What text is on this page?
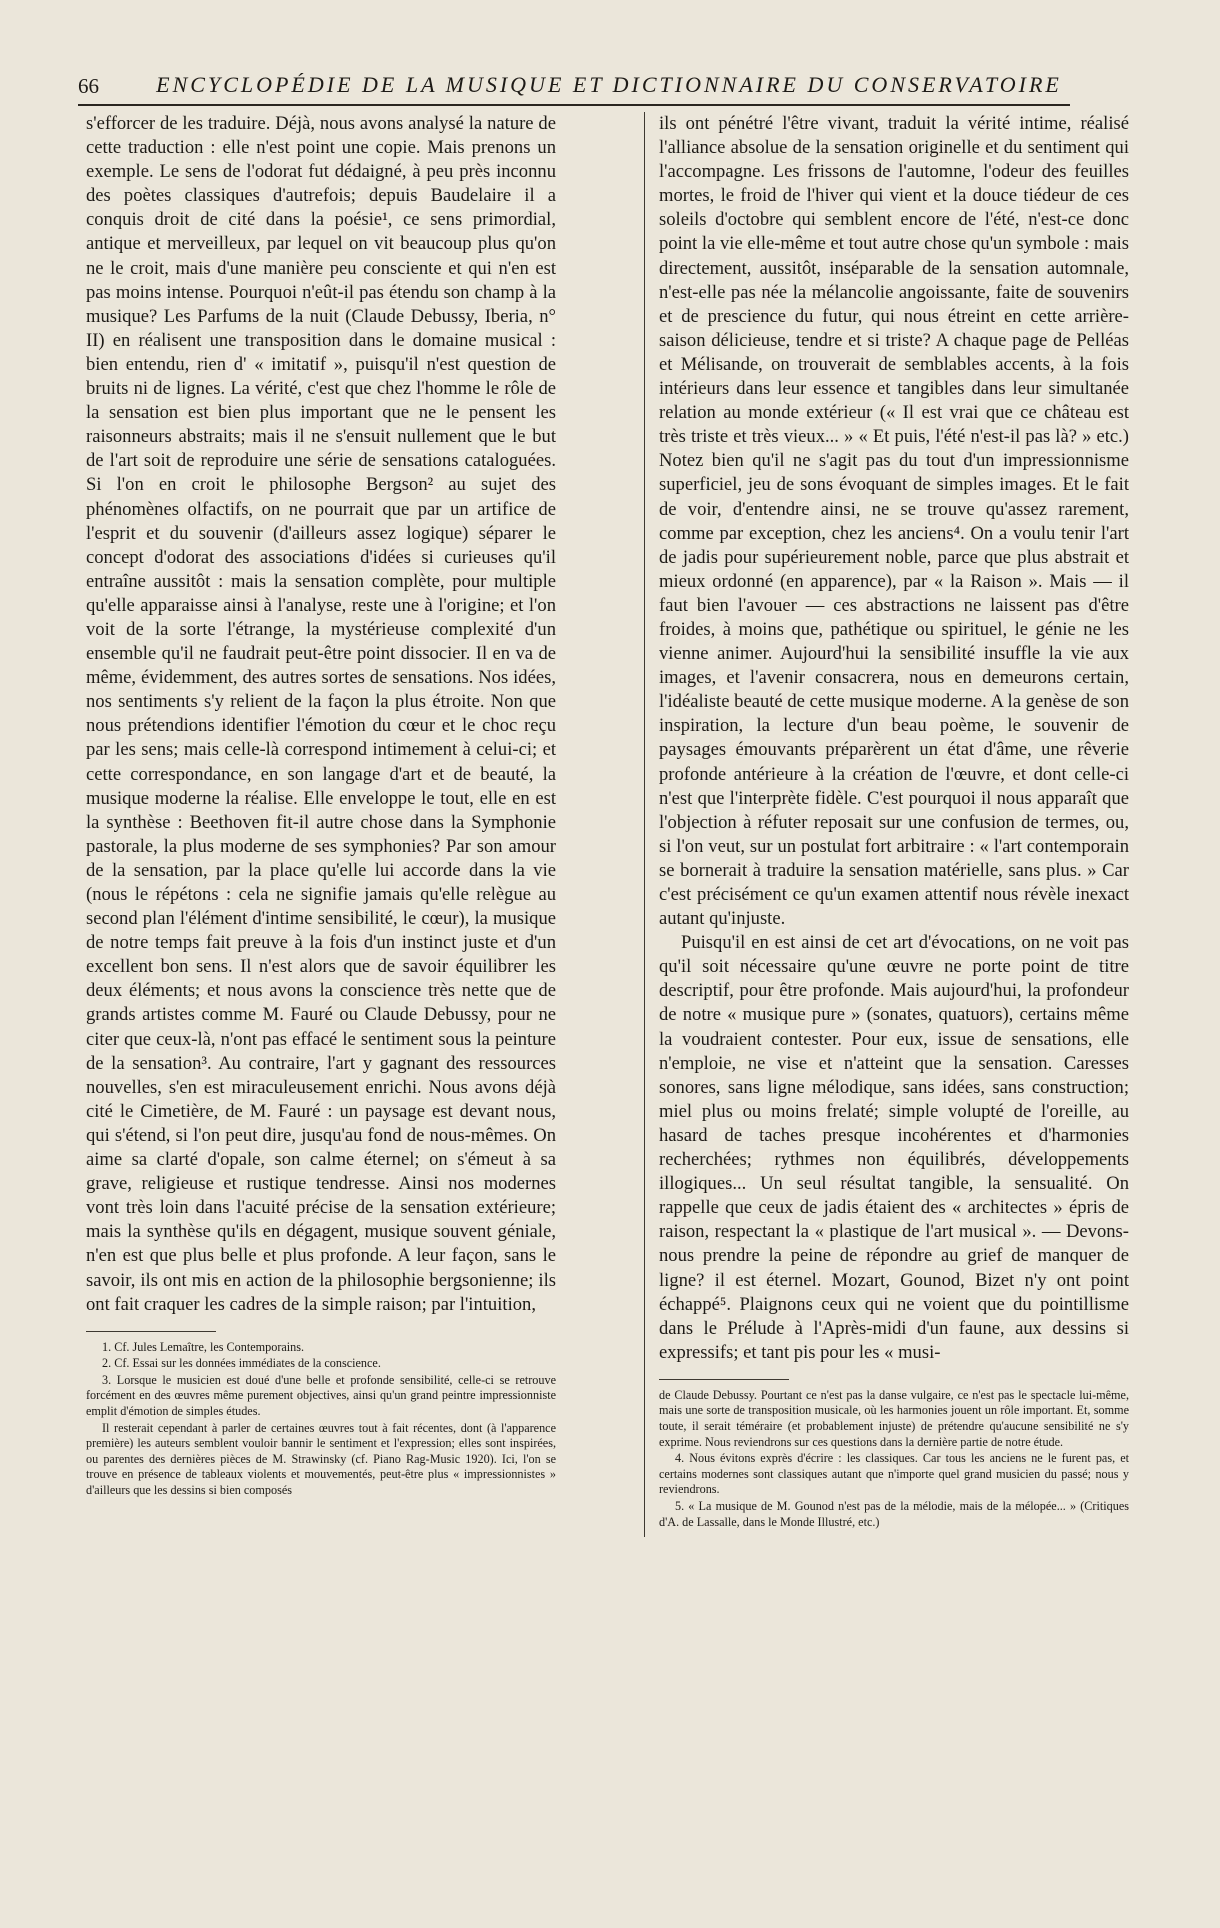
66	ENCYCLOPÉDIE DE LA MUSIQUE ET DICTIONNAIRE DU CONSERVATOIRE

s'efforcer de les traduire. Déjà, nous avons analysé la nature de cette traduction : elle n'est point une copie. Mais prenons un exemple. Le sens de l'odorat fut dédaigné, à peu près inconnu des poètes classiques d'autrefois; depuis Baudelaire il a conquis droit de cité dans la poésie¹, ce sens primordial, antique et merveilleux, par lequel on vit beaucoup plus qu'on ne le croit, mais d'une manière peu consciente et qui n'en est pas moins intense. Pourquoi n'eût-il pas étendu son champ à la musique? Les Parfums de la nuit (Claude Debussy, Iberia, n° II) en réalisent une transposition dans le domaine musical : bien entendu, rien d' « imitatif », puisqu'il n'est question de bruits ni de lignes. La vérité, c'est que chez l'homme le rôle de la sensation est bien plus important que ne le pensent les raisonneurs abstraits; mais il ne s'ensuit nullement que le but de l'art soit de reproduire une série de sensations cataloguées. Si l'on en croit le philosophe Bergson² au sujet des phénomènes olfactifs, on ne pourrait que par un artifice de l'esprit et du souvenir (d'ailleurs assez logique) séparer le concept d'odorat des associations d'idées si curieuses qu'il entraîne aussitôt : mais la sensation complète, pour multiple qu'elle apparaisse ainsi à l'analyse, reste une à l'origine; et l'on voit de la sorte l'étrange, la mystérieuse complexité d'un ensemble qu'il ne faudrait peut-être point dissocier. Il en va de même, évidemment, des autres sortes de sensations. Nos idées, nos sentiments s'y relient de la façon la plus étroite. Non que nous prétendions identifier l'émotion du cœur et le choc reçu par les sens; mais celle-là correspond intimement à celui-ci; et cette correspondance, en son langage d'art et de beauté, la musique moderne la réalise. Elle enveloppe le tout, elle en est la synthèse : Beethoven fit-il autre chose dans la Symphonie pastorale, la plus moderne de ses symphonies? Par son amour de la sensation, par la place qu'elle lui accorde dans la vie (nous le répétons : cela ne signifie jamais qu'elle relègue au second plan l'élément d'intime sensibilité, le cœur), la musique de notre temps fait preuve à la fois d'un instinct juste et d'un excellent bon sens. Il n'est alors que de savoir équilibrer les deux éléments; et nous avons la conscience très nette que de grands artistes comme M. Fauré ou Claude Debussy, pour ne citer que ceux-là, n'ont pas effacé le sentiment sous la peinture de la sensation³. Au contraire, l'art y gagnant des ressources nouvelles, s'en est miraculeusement enrichi. Nous avons déjà cité le Cimetière, de M. Fauré : un paysage est devant nous, qui s'étend, si l'on peut dire, jusqu'au fond de nous-mêmes. On aime sa clarté d'opale, son calme éternel; on s'émeut à sa grave, religieuse et rustique tendresse. Ainsi nos modernes vont très loin dans l'acuité précise de la sensation extérieure; mais la synthèse qu'ils en dégagent, musique souvent géniale, n'en est que plus belle et plus profonde. A leur façon, sans le savoir, ils ont mis en action de la philosophie bergsonienne; ils ont fait craquer les cadres de la simple raison; par l'intuition,

1. Cf. Jules Lemaître, les Contemporains.

2. Cf. Essai sur les données immédiates de la conscience.

3. Lorsque le musicien est doué d'une belle et profonde sensibilité, celle-ci se retrouve forcément en des œuvres même purement objectives, ainsi qu'un grand peintre impressionniste emplit d'émotion de simples études.

Il resterait cependant à parler de certaines œuvres tout à fait récentes, dont (à l'apparence première) les auteurs semblent vouloir bannir le sentiment et l'expression; elles sont inspirées, ou parentes des dernières pièces de M. Strawinsky (cf. Piano Rag-Music 1920). Ici, l'on se trouve en présence de tableaux violents et mouvementés, peut-être plus « impressionnistes » d'ailleurs que les dessins si bien composés

ils ont pénétré l'être vivant, traduit la vérité intime, réalisé l'alliance absolue de la sensation originelle et du sentiment qui l'accompagne. Les frissons de l'automne, l'odeur des feuilles mortes, le froid de l'hiver qui vient et la douce tiédeur de ces soleils d'octobre qui semblent encore de l'été, n'est-ce donc point la vie elle-même et tout autre chose qu'un symbole : mais directement, aussitôt, inséparable de la sensation automnale, n'est-elle pas née la mélancolie angoissante, faite de souvenirs et de prescience du futur, qui nous étreint en cette arrière-saison délicieuse, tendre et si triste? A chaque page de Pelléas et Mélisande, on trouverait de semblables accents, à la fois intérieurs dans leur essence et tangibles dans leur simultanée relation au monde extérieur (« Il est vrai que ce château est très triste et très vieux... » « Et puis, l'été n'est-il pas là? » etc.) Notez bien qu'il ne s'agit pas du tout d'un impressionnisme superficiel, jeu de sons évoquant de simples images. Et le fait de voir, d'entendre ainsi, ne se trouve qu'assez rarement, comme par exception, chez les anciens⁴. On a voulu tenir l'art de jadis pour supérieurement noble, parce que plus abstrait et mieux ordonné (en apparence), par « la Raison ». Mais — il faut bien l'avouer — ces abstractions ne laissent pas d'être froides, à moins que, pathétique ou spirituel, le génie ne les vienne animer. Aujourd'hui la sensibilité insuffle la vie aux images, et l'avenir consacrera, nous en demeurons certain, l'idéaliste beauté de cette musique moderne. A la genèse de son inspiration, la lecture d'un beau poème, le souvenir de paysages émouvants préparèrent un état d'âme, une rêverie profonde antérieure à la création de l'œuvre, et dont celle-ci n'est que l'interprète fidèle. C'est pourquoi il nous apparaît que l'objection à réfuter reposait sur une confusion de termes, ou, si l'on veut, sur un postulat fort arbitraire : « l'art contemporain se bornerait à traduire la sensation matérielle, sans plus. » Car c'est précisément ce qu'un examen attentif nous révèle inexact autant qu'injuste.

Puisqu'il en est ainsi de cet art d'évocations, on ne voit pas qu'il soit nécessaire qu'une œuvre ne porte point de titre descriptif, pour être profonde. Mais aujourd'hui, la profondeur de notre « musique pure » (sonates, quatuors), certains même la voudraient contester. Pour eux, issue de sensations, elle n'emploie, ne vise et n'atteint que la sensation. Caresses sonores, sans ligne mélodique, sans idées, sans construction; miel plus ou moins frelaté; simple volupté de l'oreille, au hasard de taches presque incohérentes et d'harmonies recherchées; rythmes non équilibrés, développements illogiques... Un seul résultat tangible, la sensualité. On rappelle que ceux de jadis étaient des « architectes » épris de raison, respectant la « plastique de l'art musical ». — Devons-nous prendre la peine de répondre au grief de manquer de ligne? il est éternel. Mozart, Gounod, Bizet n'y ont point échappé⁵. Plaignons ceux qui ne voient que du pointillisme dans le Prélude à l'Après-midi d'un faune, aux dessins si expressifs; et tant pis pour les « musi-

de Claude Debussy. Pourtant ce n'est pas la danse vulgaire, ce n'est pas le spectacle lui-même, mais une sorte de transposition musicale, où les harmonies jouent un rôle important. Et, somme toute, il serait téméraire (et probablement injuste) de prétendre qu'aucune sensibilité ne s'y exprime. Nous reviendrons sur ces questions dans la dernière partie de notre étude.

4. Nous évitons exprès d'écrire : les classiques. Car tous les anciens ne le furent pas, et certains modernes sont classiques autant que n'importe quel grand musicien du passé; nous y reviendrons.

5. « La musique de M. Gounod n'est pas de la mélodie, mais de la mélopée... » (Critiques d'A. de Lassalle, dans le Monde Illustré, etc.)
